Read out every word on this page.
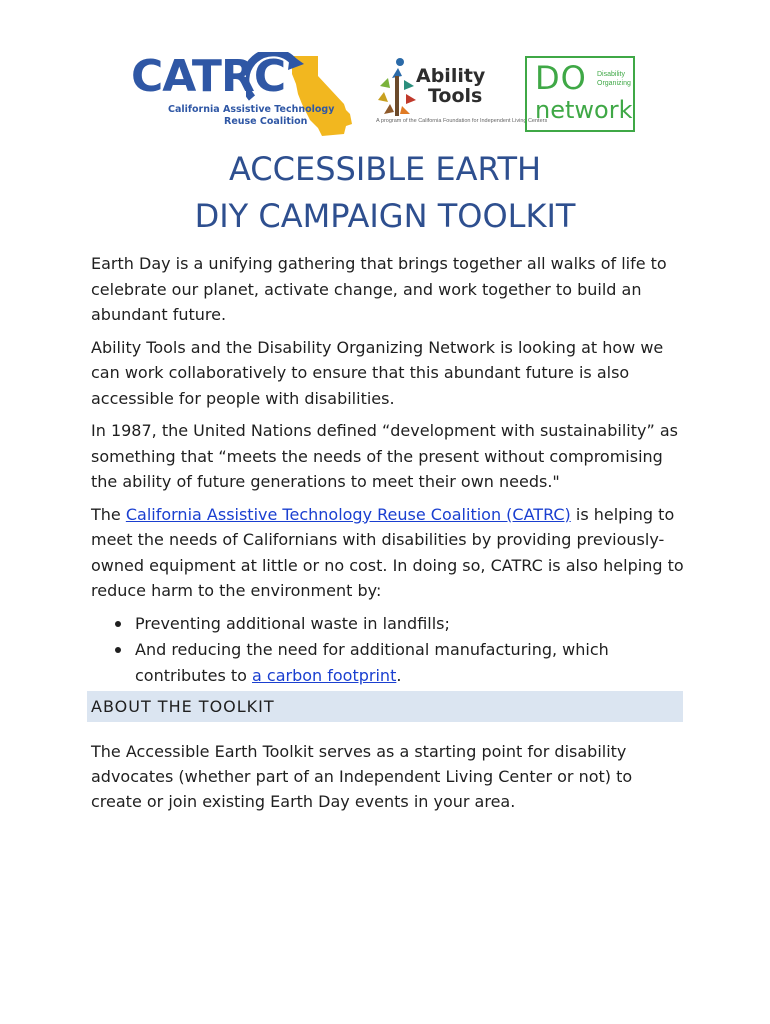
CATRC
California Assistive Technology
Reuse Coalition
Ability
Tools
A program of the California Foundation for Independent Living Centers
DO Disability
Organizing
network
ACCESSIBLE EARTH
DIY CAMPAIGN TOOLKIT

Earth Day is a unifying gathering that brings together all walks of life to celebrate our planet, activate change, and work together to build an abundant future.

Ability Tools and the Disability Organizing Network is looking at how we can work collaboratively to ensure that this abundant future is also accessible for people with disabilities.

In 1987, the United Nations defined “development with sustainability” as something that “meets the needs of the present without compromising the ability of future generations to meet their own needs."

The California Assistive Technology Reuse Coalition (CATRC) is helping to meet the needs of Californians with disabilities by providing previously-owned equipment at little or no cost. In doing so, CATRC is also helping to reduce harm to the environment by:

Preventing additional waste in landfills;
And reducing the need for additional manufacturing, which contributes to a carbon footprint.
ABOUT THE TOOLKIT

The Accessible Earth Toolkit serves as a starting point for disability advocates (whether part of an Independent Living Center or not) to create or join existing Earth Day events in your area.
